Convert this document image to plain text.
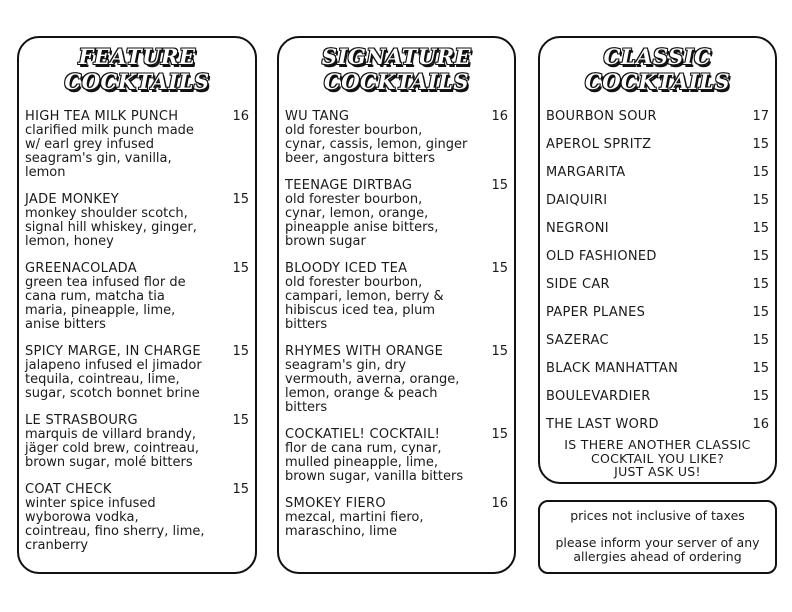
FEATURE
COCKTAILS
HIGH TEA MILK PUNCH	16
clarified milk punch made
w/ earl grey infused
seagram's gin, vanilla,
lemon
JADE MONKEY	15
monkey shoulder scotch,
signal hill whiskey, ginger,
lemon, honey
GREENACOLADA	15
green tea infused flor de
cana rum, matcha tia
maria, pineapple, lime,
anise bitters
SPICY MARGE, IN CHARGE	15
jalapeno infused el jimador
tequila, cointreau, lime,
sugar, scotch bonnet brine
LE STRASBOURG	15
marquis de villard brandy,
jäger cold brew, cointreau,
brown sugar, molé bitters
COAT CHECK	15
winter spice infused
wyborowa vodka,
cointreau, fino sherry, lime,
cranberry
SIGNATURE
COCKTAILS
WU TANG	16
old forester bourbon,
cynar, cassis, lemon, ginger
beer, angostura bitters
TEENAGE DIRTBAG	15
old forester bourbon,
cynar, lemon, orange,
pineapple anise bitters,
brown sugar
BLOODY ICED TEA	15
old forester bourbon,
campari, lemon, berry &
hibiscus iced tea, plum
bitters
RHYMES WITH ORANGE	15
seagram's gin, dry
vermouth, averna, orange,
lemon, orange & peach
bitters
COCKATIEL! COCKTAIL!	15
flor de cana rum, cynar,
mulled pineapple, lime,
brown sugar, vanilla bitters
SMOKEY FIERO	16
mezcal, martini fiero,
maraschino, lime
CLASSIC
COCKTAILS
BOURBON SOUR	17
APEROL SPRITZ	15
MARGARITA	15
DAIQUIRI	15
NEGRONI	15
OLD FASHIONED	15
SIDE CAR	15
PAPER PLANES	15
SAZERAC	15
BLACK MANHATTAN	15
BOULEVARDIER	15
THE LAST WORD	16
IS THERE ANOTHER CLASSIC
COCKTAIL YOU LIKE?
JUST ASK US!
prices not inclusive of taxes
please inform your server of any
allergies ahead of ordering
